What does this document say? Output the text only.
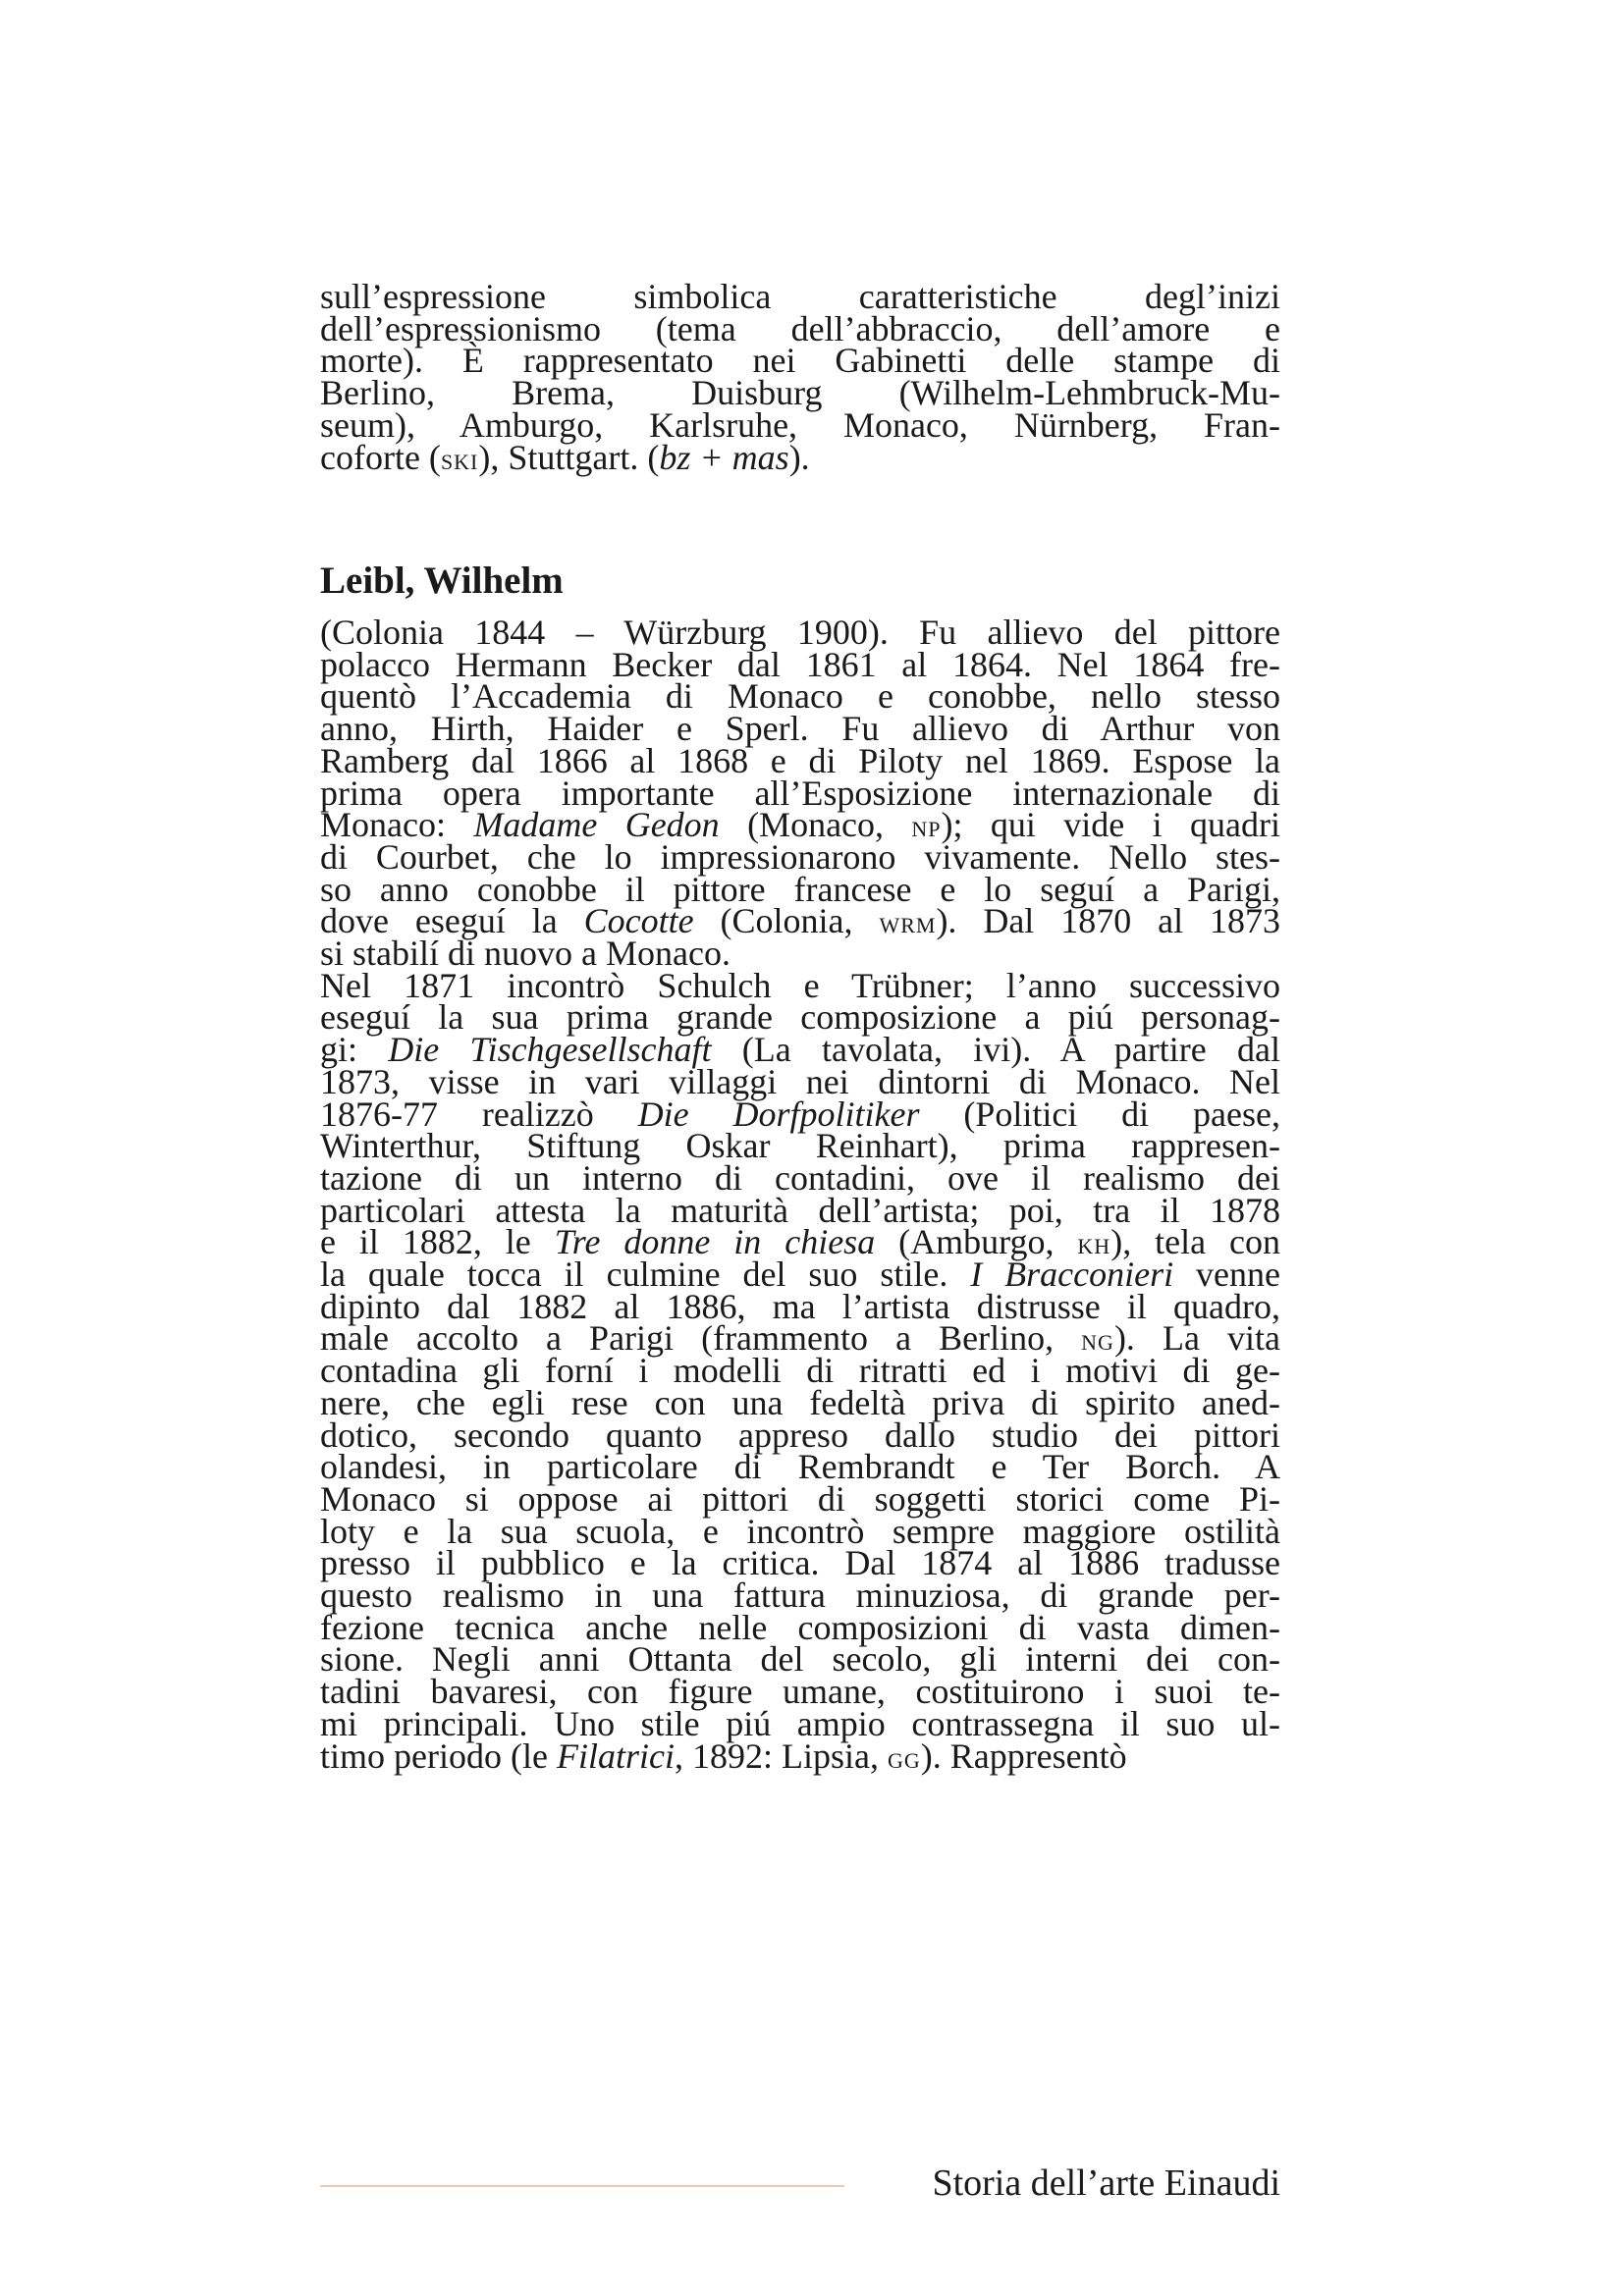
sull’espressione simbolica caratteristiche degl’inizi
dell’espressionismo (tema dell’abbraccio, dell’amore e
morte). È rappresentato nei Gabinetti delle stampe di
Berlino, Brema, Duisburg (Wilhelm-Lehmbruck-Mu-
seum), Amburgo, Karlsruhe, Monaco, Nürnberg, Fran-
coforte (ski), Stuttgart. (bz + mas).
Leibl, Wilhelm
(Colonia 1844 – Würzburg 1900). Fu allievo del pittore
polacco Hermann Becker dal 1861 al 1864. Nel 1864 fre-
quentò l’Accademia di Monaco e conobbe, nello stesso
anno, Hirth, Haider e Sperl. Fu allievo di Arthur von
Ramberg dal 1866 al 1868 e di Piloty nel 1869. Espose la
prima opera importante all’Esposizione internazionale di
Monaco: Madame Gedon (Monaco, np); qui vide i quadri
di Courbet, che lo impressionarono vivamente. Nello stes-
so anno conobbe il pittore francese e lo seguí a Parigi,
dove eseguí la Cocotte (Colonia, wrm). Dal 1870 al 1873
si stabilí di nuovo a Monaco.
Nel 1871 incontrò Schulch e Trübner; l’anno successivo
eseguí la sua prima grande composizione a piú personag-
gi: Die Tischgesellschaft (La tavolata, ivi). A partire dal
1873, visse in vari villaggi nei dintorni di Monaco. Nel
1876-77 realizzò Die Dorfpolitiker (Politici di paese,
Winterthur, Stiftung Oskar Reinhart), prima rappresen-
tazione di un interno di contadini, ove il realismo dei
particolari attesta la maturità dell’artista; poi, tra il 1878
e il 1882, le Tre donne in chiesa (Amburgo, kh), tela con
la quale tocca il culmine del suo stile. I Bracconieri venne
dipinto dal 1882 al 1886, ma l’artista distrusse il quadro,
male accolto a Parigi (frammento a Berlino, ng). La vita
contadina gli forní i modelli di ritratti ed i motivi di ge-
nere, che egli rese con una fedeltà priva di spirito aned-
dotico, secondo quanto appreso dallo studio dei pittori
olandesi, in particolare di Rembrandt e Ter Borch. A
Monaco si oppose ai pittori di soggetti storici come Pi-
loty e la sua scuola, e incontrò sempre maggiore ostilità
presso il pubblico e la critica. Dal 1874 al 1886 tradusse
questo realismo in una fattura minuziosa, di grande per-
fezione tecnica anche nelle composizioni di vasta dimen-
sione. Negli anni Ottanta del secolo, gli interni dei con-
tadini bavaresi, con figure umane, costituirono i suoi te-
mi principali. Uno stile piú ampio contrassegna il suo ul-
timo periodo (le Filatrici, 1892: Lipsia, gg). Rappresentò
Storia dell’arte Einaudi
